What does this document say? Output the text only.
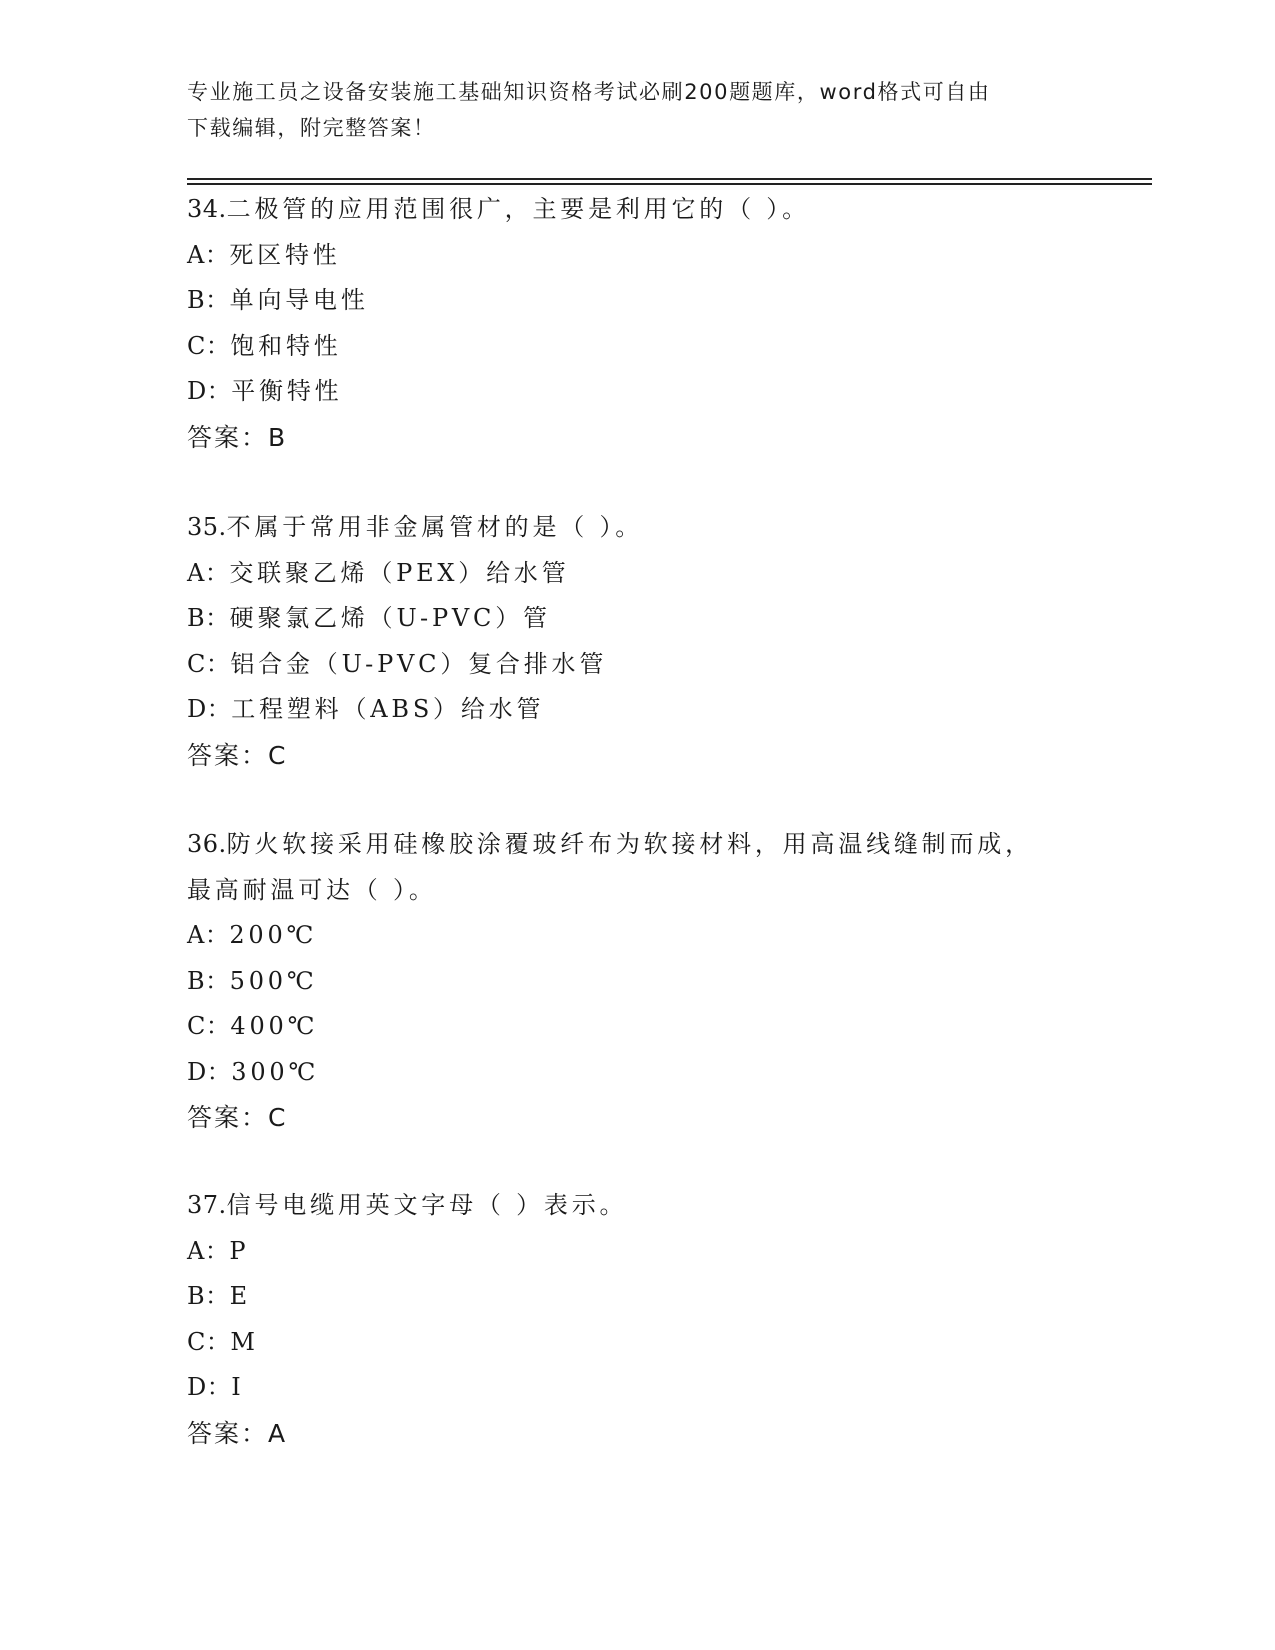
专业施工员之设备安装施工基础知识资格考试必刷200题题库，word格式可自由
下载编辑，附完整答案！
34.二极管的应用范围很广，主要是利用它的（ ）。
A：死区特性
B：单向导电性
C：饱和特性
D：平衡特性
答案：B
35.不属于常用非金属管材的是（ ）。
A：交联聚乙烯（PEX）给水管
B：硬聚氯乙烯（U-PVC）管
C：铝合金（U-PVC）复合排水管
D：工程塑料（ABS）给水管
答案：C
36.防火软接采用硅橡胶涂覆玻纤布为软接材料，用高温线缝制而成，
最高耐温可达（ ）。
A：200℃
B：500℃
C：400℃
D：300℃
答案：C
37.信号电缆用英文字母（ ）表示。
A：P
B：E
C：M
D：I
答案：A
